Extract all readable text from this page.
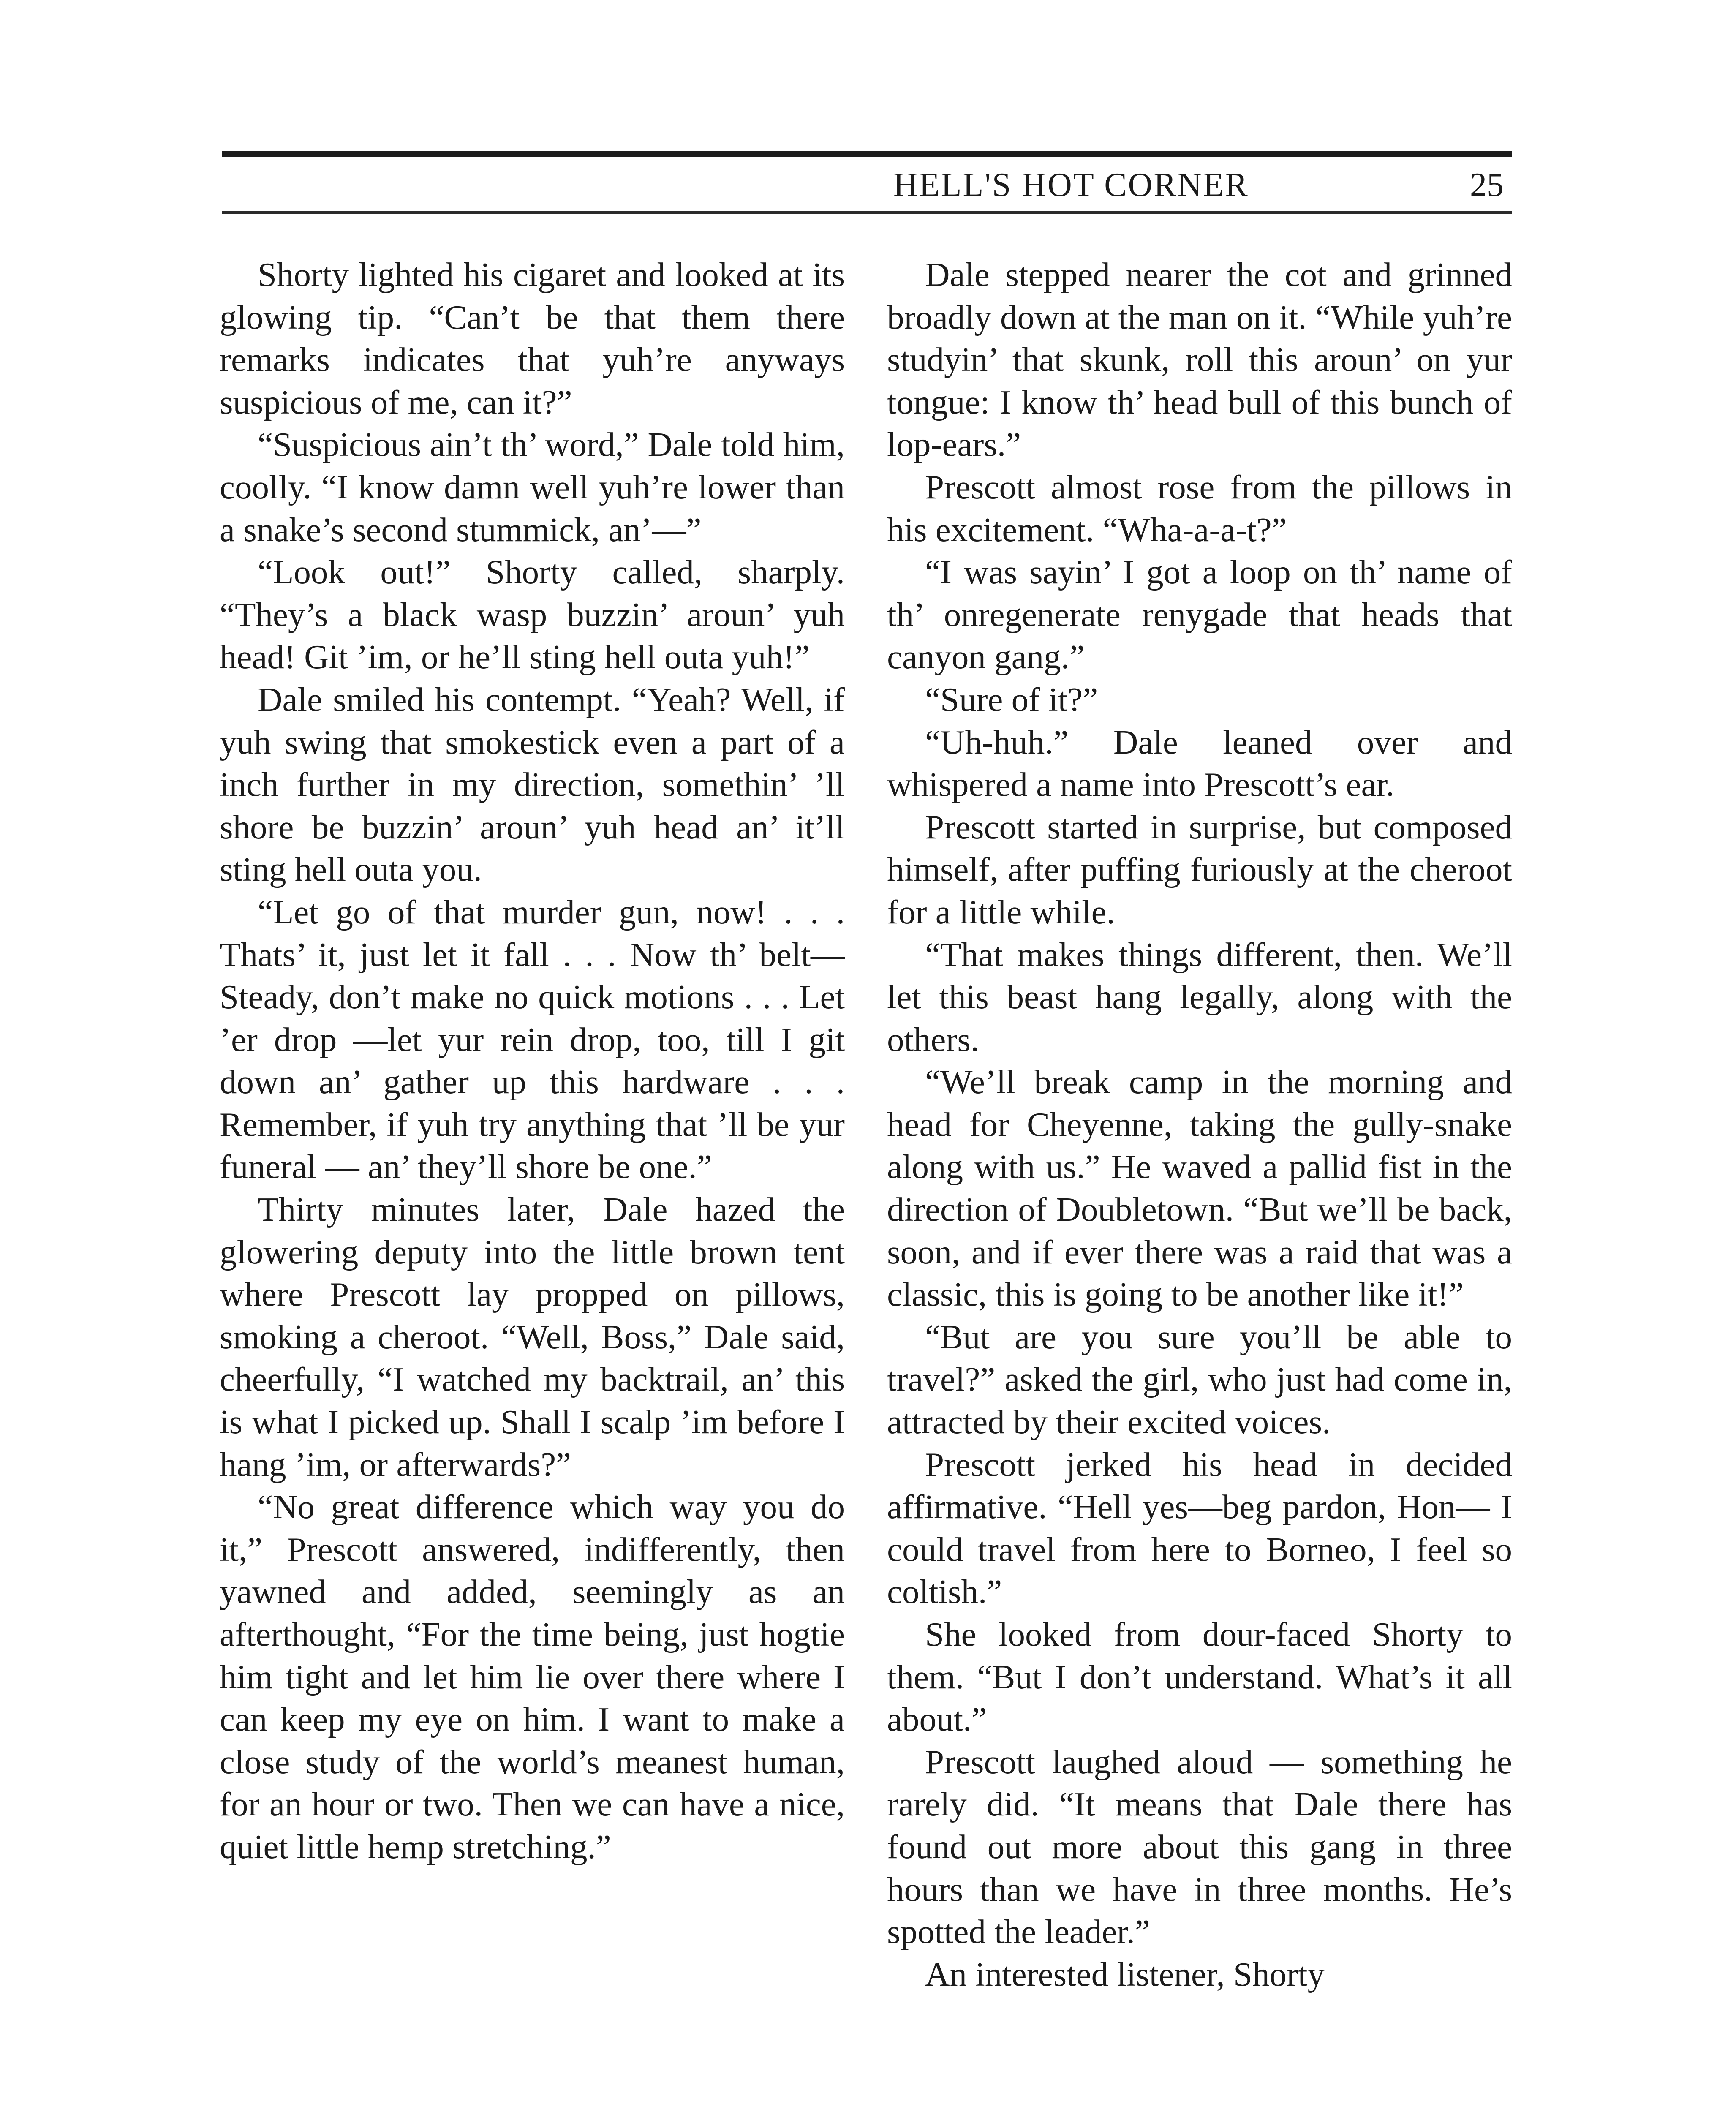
HELL'S HOT CORNER	25

Shorty lighted his cigaret and looked at its glowing tip. “Can’t be that them there remarks indicates that yuh’re anyways suspicious of me, can it?”

“Suspicious ain’t th’ word,” Dale told him, coolly. “I know damn well yuh’re lower than a snake’s second stummick, an’—”

“Look out!” Shorty called, sharply. “They’s a black wasp buzzin’ aroun’ yuh head! Git ’im, or he’ll sting hell outa yuh!”

Dale smiled his contempt. “Yeah? Well, if yuh swing that smokestick even a part of a inch further in my direction, somethin’ ’ll shore be buzzin’ aroun’ yuh head an’ it’ll sting hell outa you.

“Let go of that murder gun, now! . . . Thats’ it, just let it fall . . . Now th’ belt— Steady, don’t make no quick motions . . . Let ’er drop —let yur rein drop, too, till I git down an’ gather up this hardware . . . Remember, if yuh try anything that ’ll be yur funeral — an’ they’ll shore be one.”

Thirty minutes later, Dale hazed the glowering deputy into the little brown tent where Prescott lay propped on pillows, smoking a cheroot. “Well, Boss,” Dale said, cheerfully, “I watched my backtrail, an’ this is what I picked up. Shall I scalp ’im before I hang ’im, or afterwards?”

“No great difference which way you do it,” Prescott answered, indifferently, then yawned and added, seemingly as an afterthought, “For the time being, just hogtie him tight and let him lie over there where I can keep my eye on him. I want to make a close study of the world’s meanest human, for an hour or two. Then we can have a nice, quiet little hemp stretching.”

Dale stepped nearer the cot and grinned broadly down at the man on it. “While yuh’re studyin’ that skunk, roll this aroun’ on yur tongue: I know th’ head bull of this bunch of lop-ears.”

Prescott almost rose from the pillows in his excitement. “Wha-a-a-t?”

“I was sayin’ I got a loop on th’ name of th’ onregenerate renygade that heads that canyon gang.”

“Sure of it?”

“Uh-huh.” Dale leaned over and whispered a name into Prescott’s ear.

Prescott started in surprise, but composed himself, after puffing furiously at the cheroot for a little while.

“That makes things different, then. We’ll let this beast hang legally, along with the others.

“We’ll break camp in the morning and head for Cheyenne, taking the gully-snake along with us.” He waved a pallid fist in the direction of Doubletown. “But we’ll be back, soon, and if ever there was a raid that was a classic, this is going to be another like it!”

“But are you sure you’ll be able to travel?” asked the girl, who just had come in, attracted by their excited voices.

Prescott jerked his head in decided affirmative. “Hell yes—beg pardon, Hon— I could travel from here to Borneo, I feel so coltish.”

She looked from dour-faced Shorty to them. “But I don’t understand. What’s it all about.”

Prescott laughed aloud — something he rarely did. “It means that Dale there has found out more about this gang in three hours than we have in three months. He’s spotted the leader.”

An interested listener, Shorty
